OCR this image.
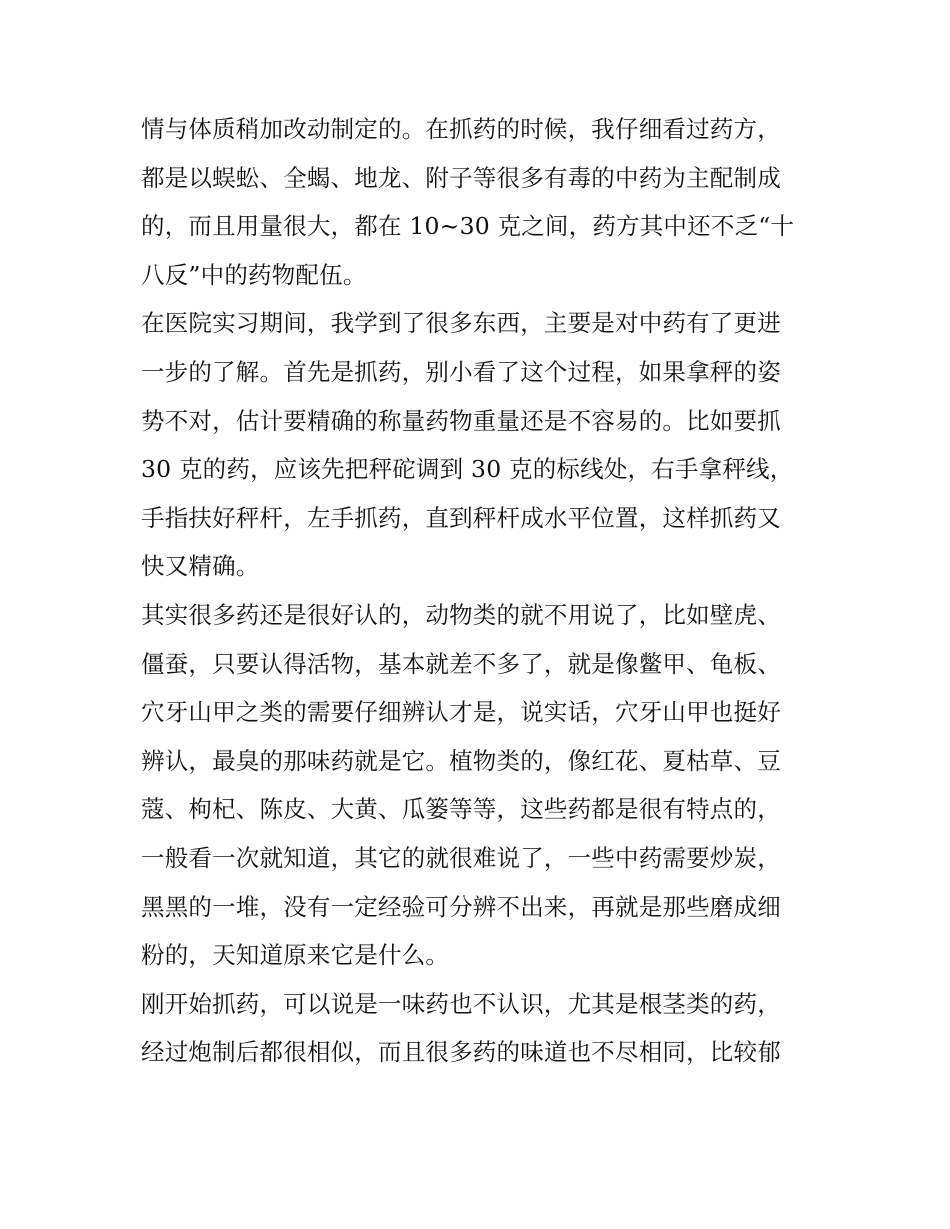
情与体质稍加改动制定的。在抓药的时候，我仔细看过药方，
都是以蜈蚣、全蝎、地龙、附子等很多有毒的中药为主配制成
的，而且用量很大，都在 10~30 克之间，药方其中还不乏“十
八反”中的药物配伍。
在医院实习期间，我学到了很多东西，主要是对中药有了更进
一步的了解。首先是抓药，别小看了这个过程，如果拿秤的姿
势不对，估计要精确的称量药物重量还是不容易的。比如要抓
30 克的药，应该先把秤砣调到 30 克的标线处，右手拿秤线，
手指扶好秤杆，左手抓药，直到秤杆成水平位置，这样抓药又
快又精确。
其实很多药还是很好认的，动物类的就不用说了，比如壁虎、
僵蚕，只要认得活物，基本就差不多了，就是像鳖甲、龟板、
穴牙山甲之类的需要仔细辨认才是，说实话，穴牙山甲也挺好
辨认，最臭的那味药就是它。植物类的，像红花、夏枯草、豆
蔻、枸杞、陈皮、大黄、瓜篓等等，这些药都是很有特点的，
一般看一次就知道，其它的就很难说了，一些中药需要炒炭，
黑黑的一堆，没有一定经验可分辨不出来，再就是那些磨成细
粉的，天知道原来它是什么。
刚开始抓药，可以说是一味药也不认识，尤其是根茎类的药，
经过炮制后都很相似，而且很多药的味道也不尽相同，比较郁
